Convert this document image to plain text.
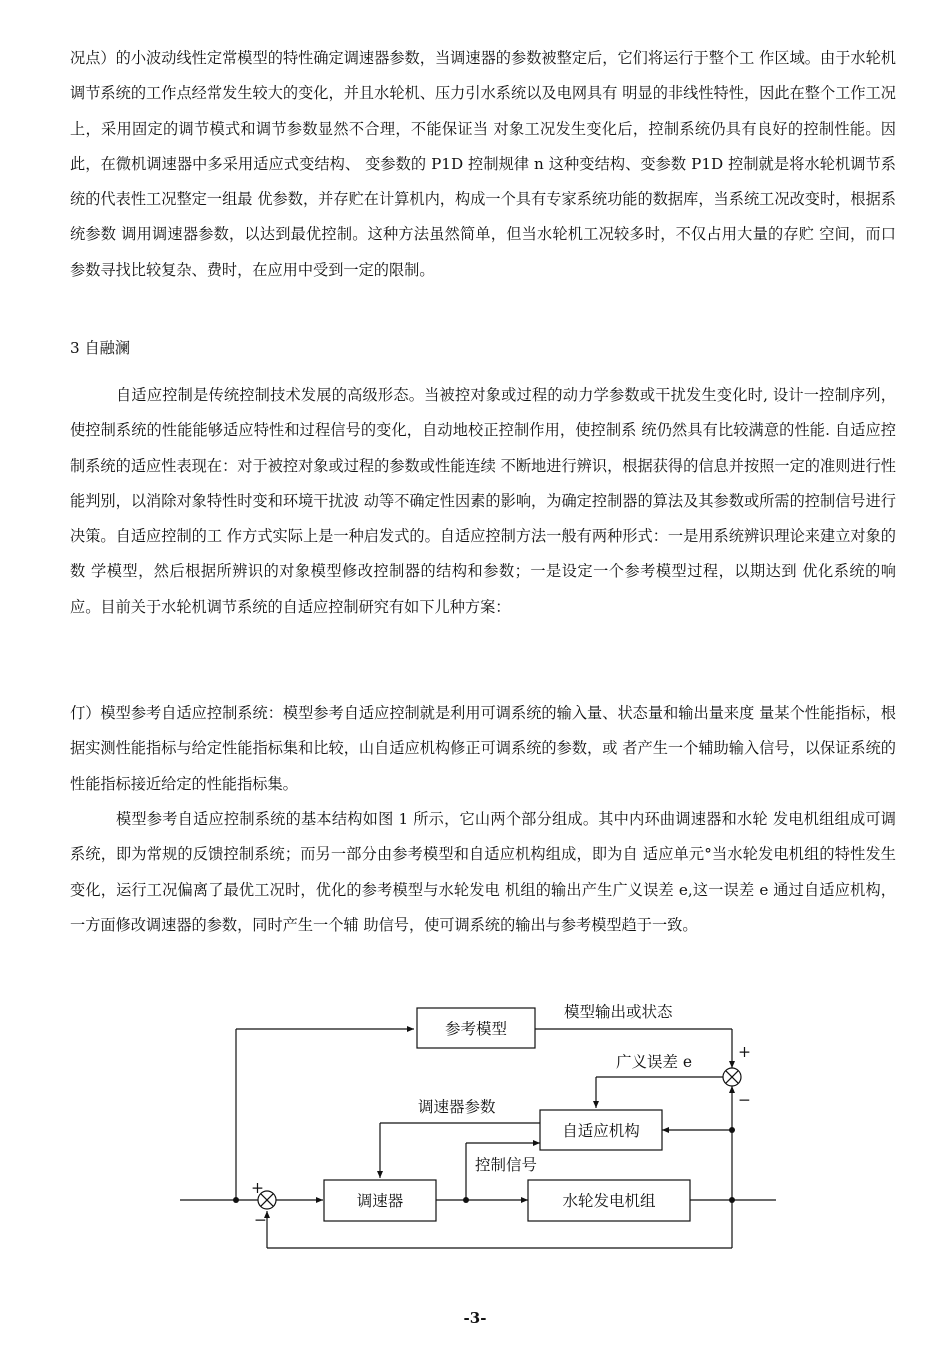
况点）的小波动线性定常模型的特性确定调速器参数，当调速器的参数被整定后，它们将运行于整个工 作区域。由于水轮机调节系统的工作点经常发生较大的变化，并且水轮机、压力引水系统以及电网具有 明显的非线性特性，因此在整个工作工况上，采用固定的调节模式和调节参数显然不合理，不能保证当 对象工况发生变化后，控制系统仍具有良好的控制性能。因此，在微机调速器中多采用适应式变结构、 变参数的 P1D 控制规律 n 这种变结构、变参数 P1D 控制就是将水轮机调节系统的代表性工况整定一组最 优参数，并存贮在计算机内，构成一个具有专家系统功能的数据库，当系统工况改变时，根据系统参数 调用调速器参数，以达到最优控制。这种方法虽然简单，但当水轮机工况较多时，不仅占用大量的存贮 空间，而口参数寻找比较复杂、费时，在应用中受到一定的限制。

3 自融澜

自适应控制是传统控制技术发展的高级形态。当被控对象或过程的动力学参数或干扰发生变化时, 设计一控制序列，使控制系统的性能能够适应特性和过程信号的变化，自动地校正控制作用，使控制系 统仍然具有比较满意的性能. 自适应控制系统的适应性表现在：对于被控对象或过程的参数或性能连续 不断地进行辨识，根据获得的信息并按照一定的准则进行性能判别，以消除对象特性时变和环境干扰波 动等不确定性因素的影响，为确定控制器的算法及其参数或所需的控制信号进行决策。自适应控制的工 作方式实际上是一种启发式的。自适应控制方法一般有两种形式：一是用系统辨识理论来建立对象的数 学模型，然后根据所辨识的对象模型修改控制器的结构和参数；一是设定一个参考模型过程，以期达到 优化系统的响应。目前关于水轮机调节系统的自适应控制研究有如下儿种方案：

仃）模型参考自适应控制系统：模型参考自适应控制就是利用可调系统的输入量、状态量和输出量来度 量某个性能指标，根据实测性能指标与给定性能指标集和比较，山自适应机构修正可调系统的参数，或 者产生一个辅助输入信号，以保证系统的性能指标接近给定的性能指标集。

模型参考自适应控制系统的基本结构如图 1 所示，它山两个部分组成。其中内环曲调速器和水轮 发电机组组成可调系统，即为常规的反馈控制系统；而另一部分由参考模型和自适应机构组成，即为自 适应单元°当水轮发电机组的特性发生变化，运行工况偏离了最优工况时，优化的参考模型与水轮发电 机组的输出产生广义误差 e,这一误差 e 通过自适应机构，一方面修改调速器的参数，同时产生一个辅 助信号，使可调系统的输出与参考模型趋于一致。

参考模型
自适应机构
调速器	水轮发电机组
模型输出或状态
广义误差 e
调速器参数
控制信号
+
−
+
−
-3-
